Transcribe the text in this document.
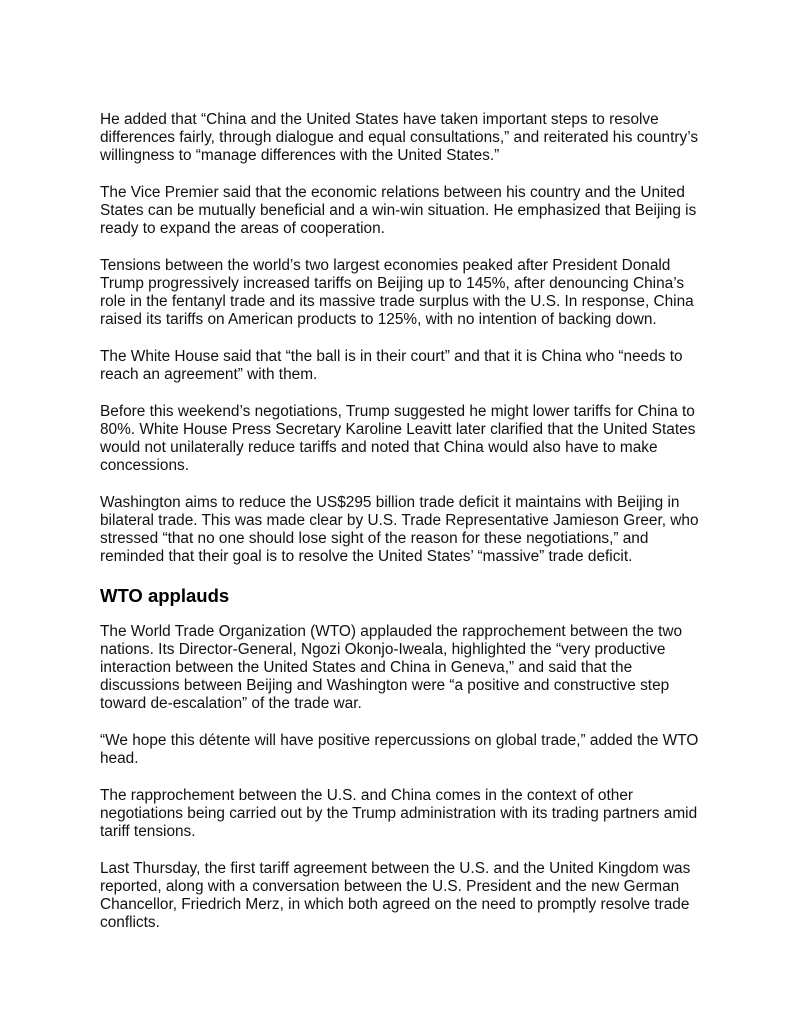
He added that “China and the United States have taken important steps to resolve differences fairly, through dialogue and equal consultations,” and reiterated his country’s willingness to “manage differences with the United States.”

The Vice Premier said that the economic relations between his country and the United States can be mutually beneficial and a win-win situation. He emphasized that Beijing is ready to expand the areas of cooperation.

Tensions between the world’s two largest economies peaked after President Donald Trump progressively increased tariffs on Beijing up to 145%, after denouncing China’s role in the fentanyl trade and its massive trade surplus with the U.S. In response, China raised its tariffs on American products to 125%, with no intention of backing down.

The White House said that “the ball is in their court” and that it is China who “needs to reach an agreement” with them.

Before this weekend’s negotiations, Trump suggested he might lower tariffs for China to 80%. White House Press Secretary Karoline Leavitt later clarified that the United States would not unilaterally reduce tariffs and noted that China would also have to make concessions.

Washington aims to reduce the US$295 billion trade deficit it maintains with Beijing in bilateral trade. This was made clear by U.S. Trade Representative Jamieson Greer, who stressed “that no one should lose sight of the reason for these negotiations,” and reminded that their goal is to resolve the United States’ “massive” trade deficit.

WTO applauds

The World Trade Organization (WTO) applauded the rapprochement between the two nations. Its Director-General, Ngozi Okonjo-Iweala, highlighted the “very productive interaction between the United States and China in Geneva,” and said that the discussions between Beijing and Washington were “a positive and constructive step toward de-escalation” of the trade war.

“We hope this détente will have positive repercussions on global trade,” added the WTO head.

The rapprochement between the U.S. and China comes in the context of other negotiations being carried out by the Trump administration with its trading partners amid tariff tensions.

Last Thursday, the first tariff agreement between the U.S. and the United Kingdom was reported, along with a conversation between the U.S. President and the new German Chancellor, Friedrich Merz, in which both agreed on the need to promptly resolve trade conflicts.
